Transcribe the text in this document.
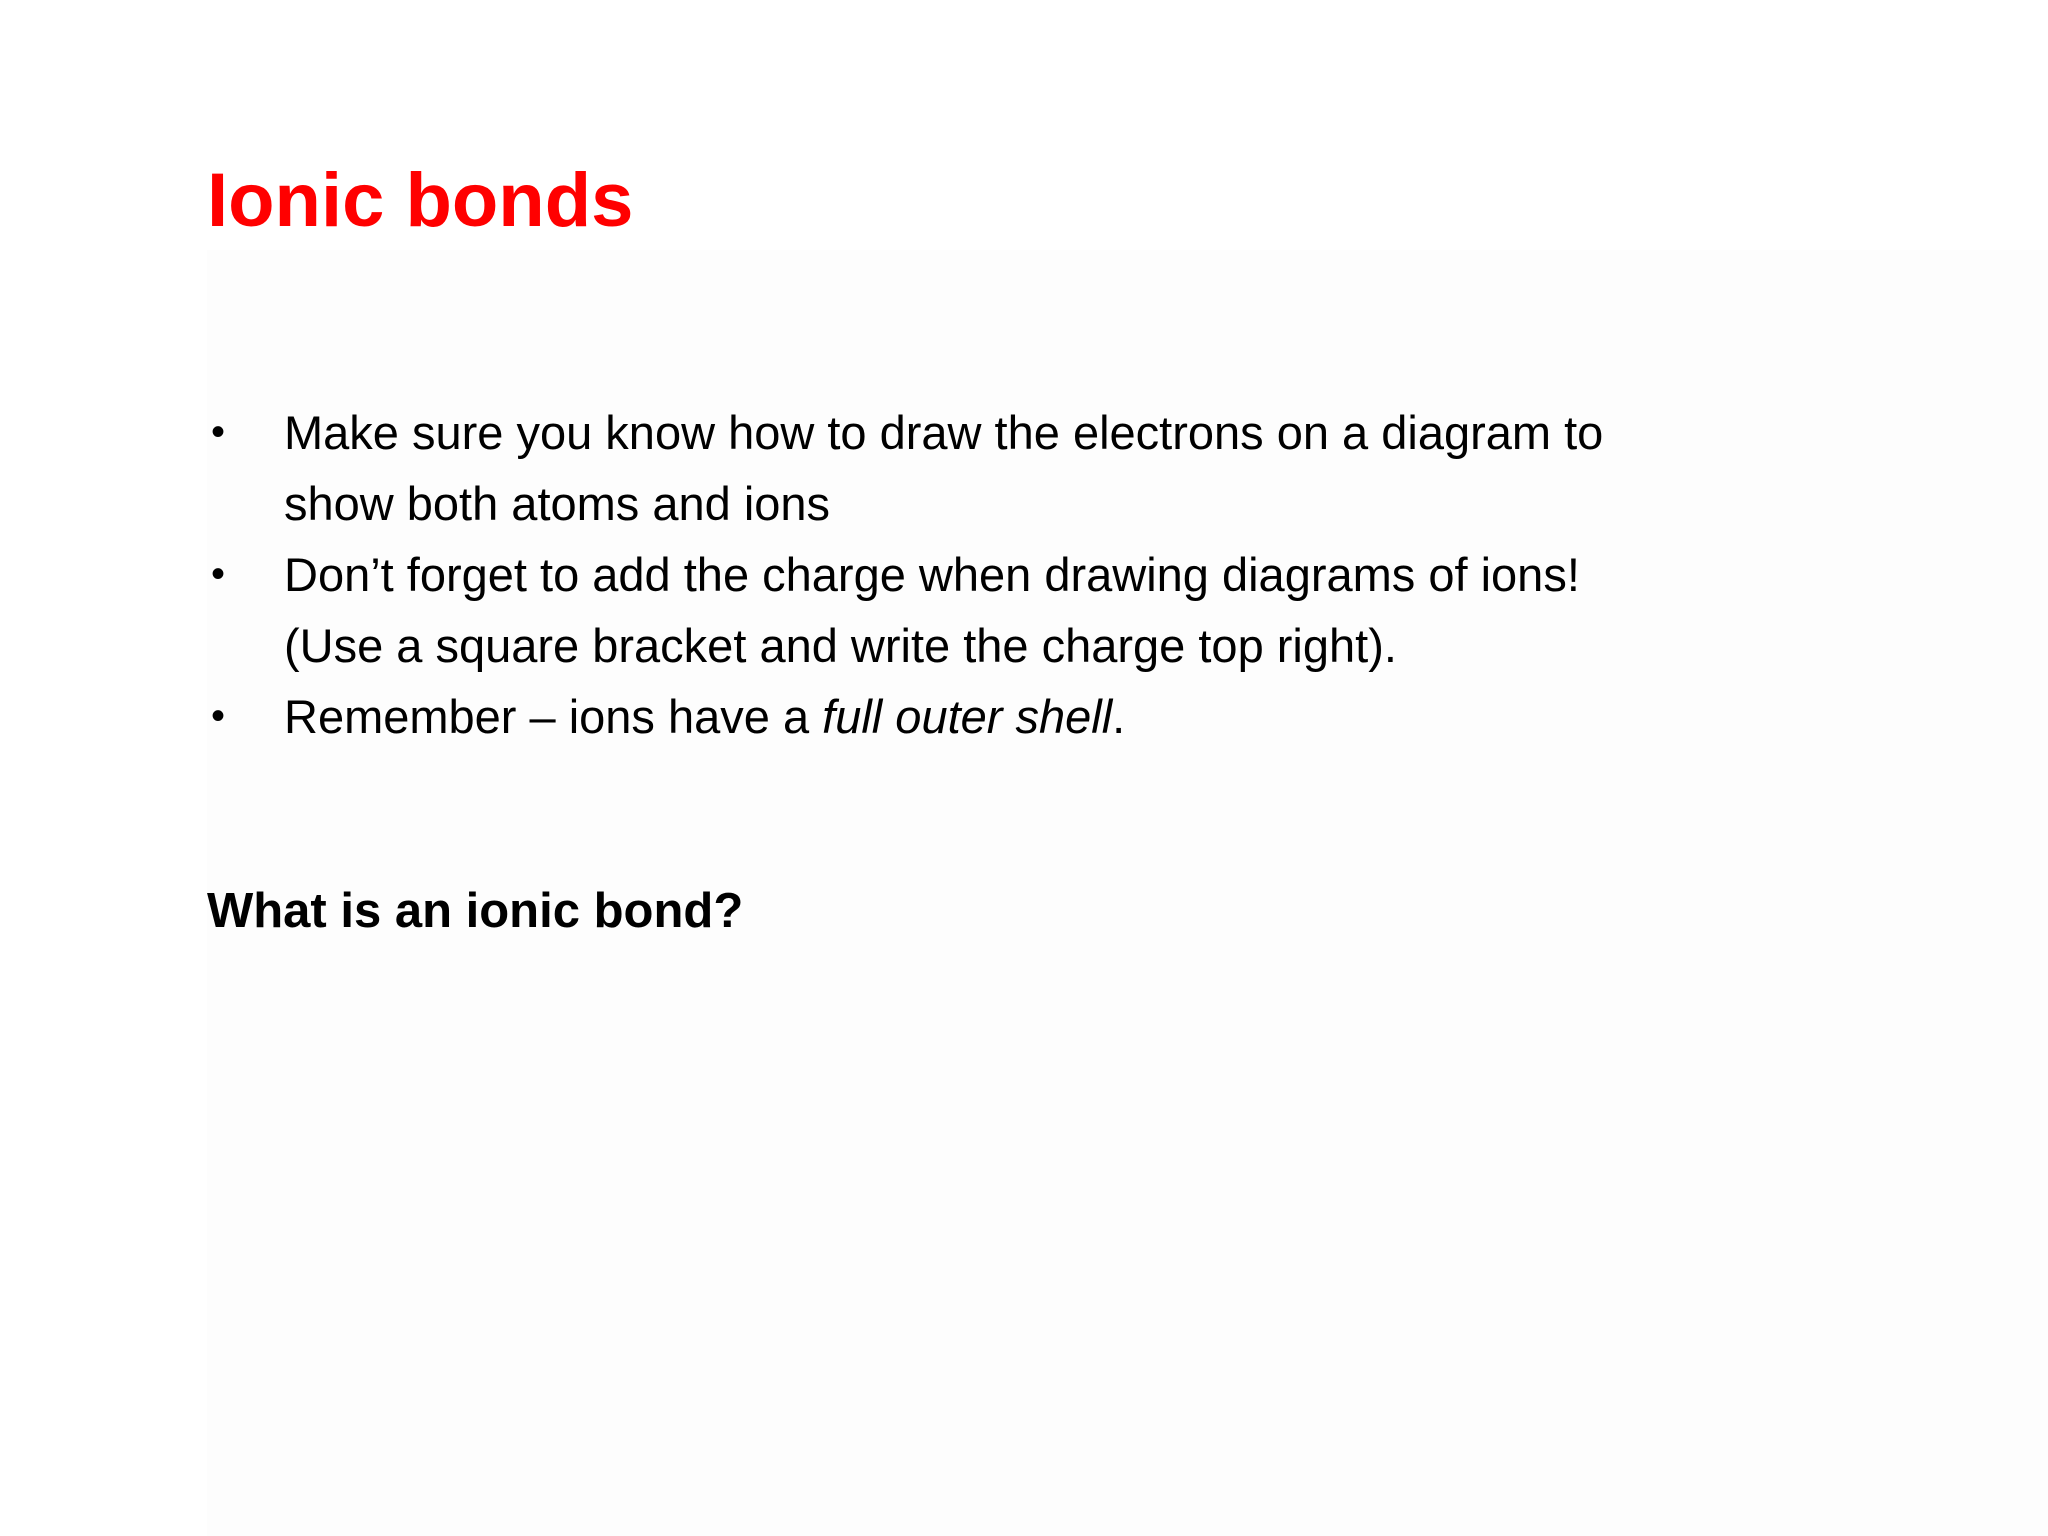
Ionic bonds
• Make sure you know how to draw the electrons on a diagram to
show both atoms and ions
• Don’t forget to add the charge when drawing diagrams of ions!
(Use a square bracket and write the charge top right).
• Remember – ions have a full outer shell.
What is an ionic bond?
